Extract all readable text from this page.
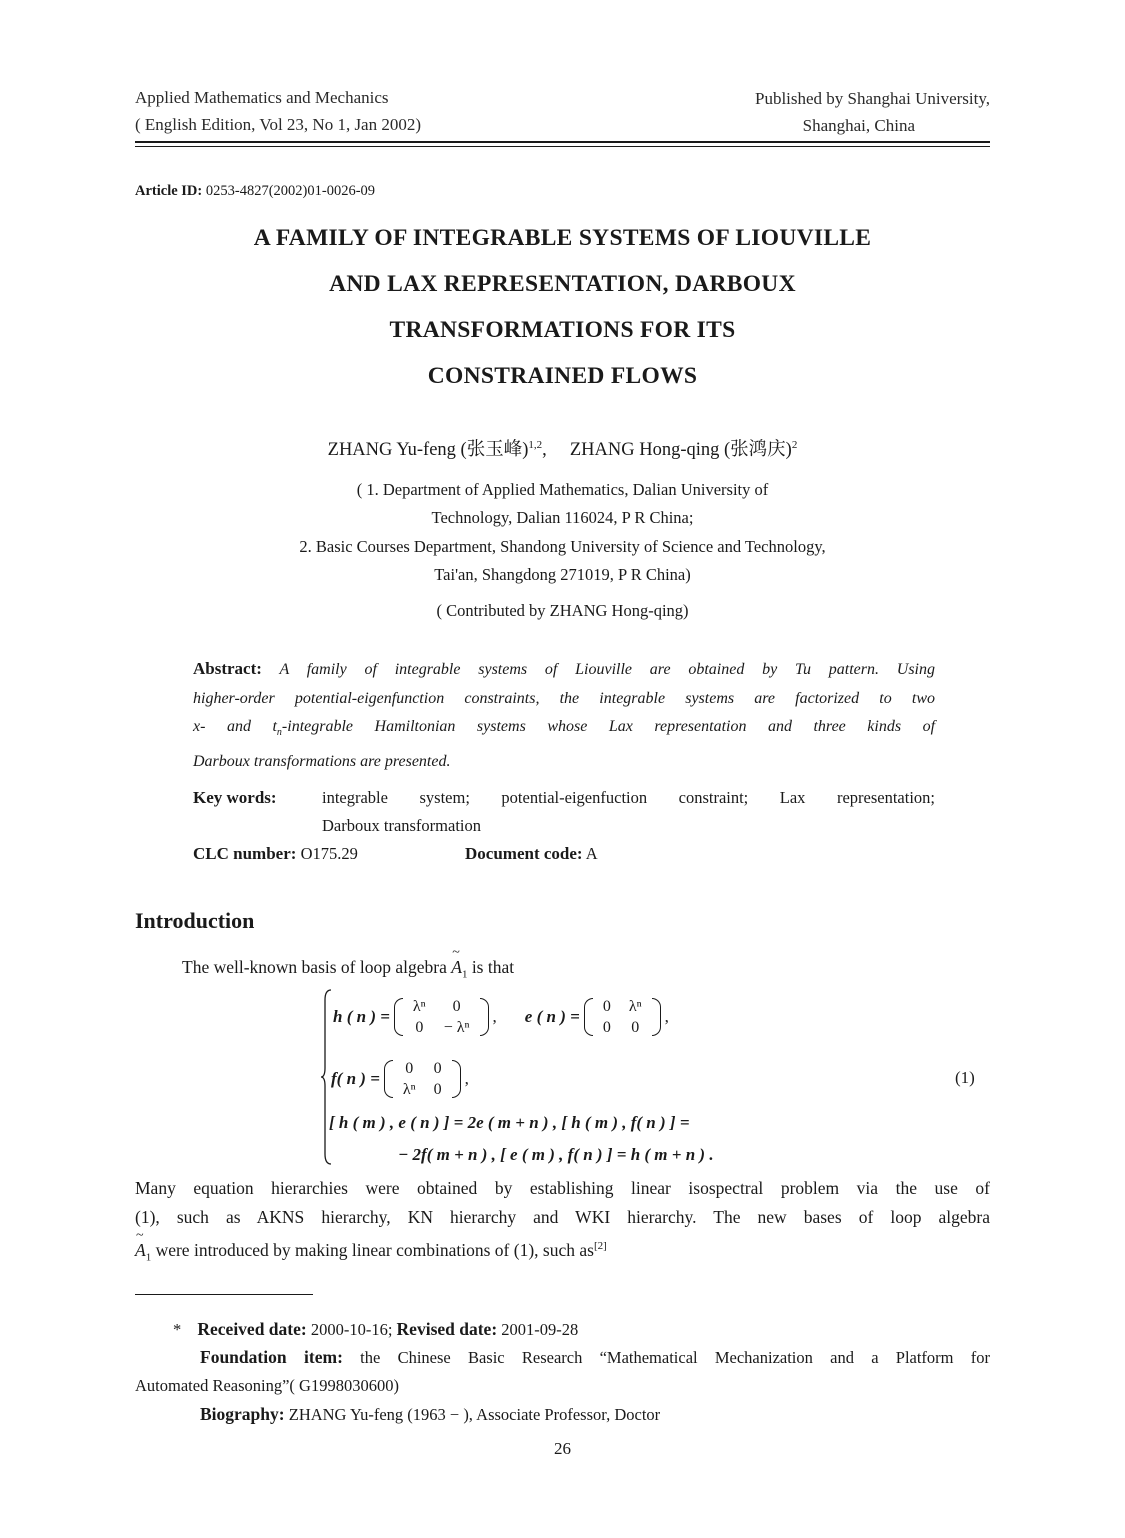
Applied Mathematics and Mechanics
( English Edition, Vol 23, No 1, Jan 2002)
Published by Shanghai University,
Shanghai, China
Article ID: 0253-4827(2002)01-0026-09
A FAMILY OF INTEGRABLE SYSTEMS OF LIOUVILLE
AND LAX REPRESENTATION, DARBOUX
TRANSFORMATIONS FOR ITS
CONSTRAINED FLOWS
ZHANG Yu-feng (张玉峰)$^{1,2}$,     ZHANG Hong-qing (张鸿庆)$^2$
( 1. Department of Applied Mathematics, Dalian University of
Technology, Dalian 116024, P R China;
2. Basic Courses Department, Shandong University of Science and Technology,
Tai'an, Shangdong 271019, P R China)
( Contributed by ZHANG Hong-qing)
Abstract: A family of integrable systems of Liouville are obtained by Tu pattern. Using
higher-order potential-eigenfunction constraints, the integrable systems are factorized to two
x- and $t_n$-integrable Hamiltonian systems whose Lax representation and three kinds of
Darboux transformations are presented.
Key words:	integrable system; potential-eigenfuction constraint; Lax representation;
Darboux transformation
CLC number: O175.29	Document code: A
Introduction
The well-known basis of loop algebra
~
$A_1$ is that
h ( n ) =
λⁿ	0
0	− λⁿ
, e ( n ) =
0	λⁿ
0	0
,
f( n ) =
0	0
λⁿ	0
,	(1)
[ h ( m ) , e ( n ) ] = 2e ( m + n ) , [ h ( m ) , f( n ) ] =
− 2f( m + n ) , [ e ( m ) , f( n ) ] = h ( m + n ) .
Many equation hierarchies were obtained by establishing linear isospectral problem via the use of
(1), such as AKNS hierarchy, KN hierarchy and WKI hierarchy. The new bases of loop algebra
~
$A_1$ were introduced by making linear combinations of (1), such as[2]
* Received date: 2000-10-16; Revised date: 2001-09-28
Foundation item: the Chinese Basic Research “Mathematical Mechanization and a Platform for
Automated Reasoning”( G1998030600)
Biography: ZHANG Yu-feng (1963 − ), Associate Professor, Doctor
26
